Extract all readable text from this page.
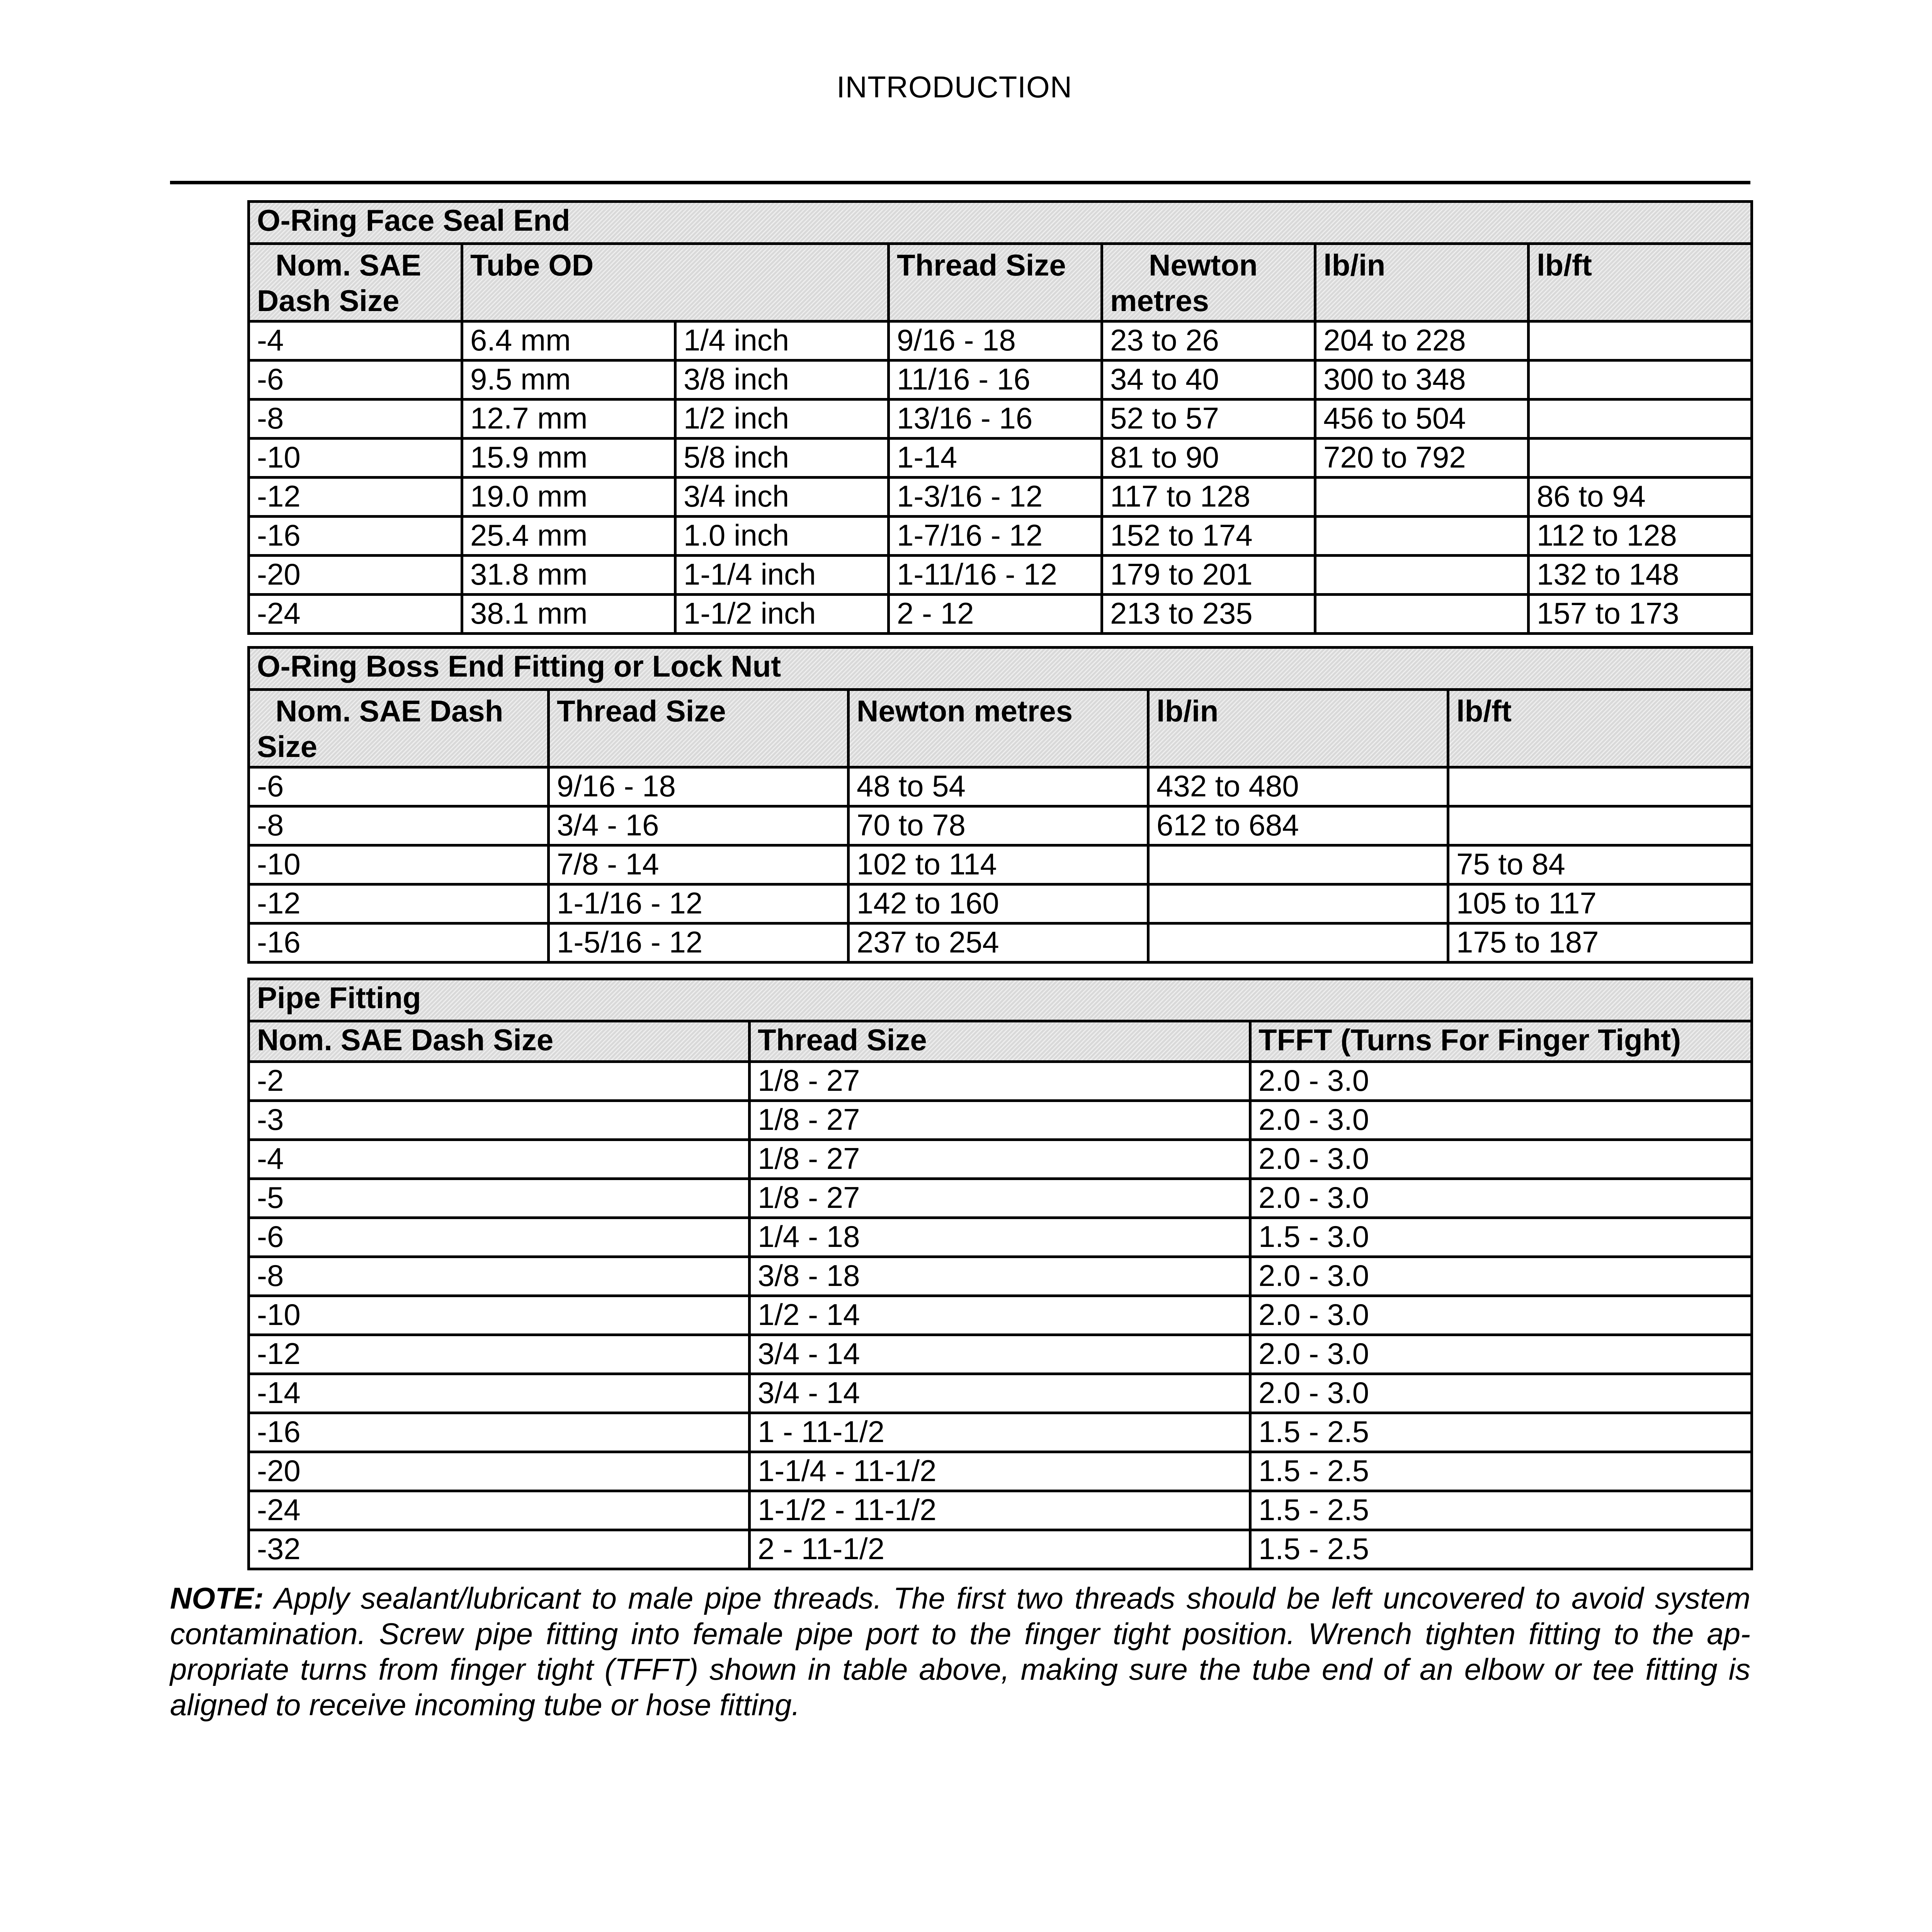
INTRODUCTION
O-Ring Face Seal End						
Nom. SAE
Dash Size	Tube OD		Thread Size	Newton
metres	lb/in	lb/ft
-4	6.4 mm	1/4 inch	9/16 - 18	23 to 26	204 to 228	
-6	9.5 mm	3/8 inch	11/16 - 16	34 to 40	300 to 348	
-8	12.7 mm	1/2 inch	13/16 - 16	52 to 57	456 to 504	
-10	15.9 mm	5/8 inch	1-14	81 to 90	720 to 792	
-12	19.0 mm	3/4 inch	1-3/16 - 12	117 to 128		86 to 94
-16	25.4 mm	1.0 inch	1-7/16 - 12	152 to 174		112 to 128
-20	31.8 mm	1-1/4 inch	1-11/16 - 12	179 to 201		132 to 148
-24	38.1 mm	1-1/2 inch	2 - 12	213 to 235		157 to 173
O-Ring Boss End Fitting or Lock Nut				
Nom. SAE Dash
Size	Thread Size	Newton metres	lb/in	lb/ft
-6	9/16 - 18	48 to 54	432 to 480	
-8	3/4 - 16	70 to 78	612 to 684	
-10	7/8 - 14	102 to 114		75 to 84
-12	1-1/16 - 12	142 to 160		105 to 117
-16	1-5/16 - 12	237 to 254		175 to 187
Pipe Fitting		
Nom. SAE Dash Size	Thread Size	TFFT (Turns For Finger Tight)
-2	1/8 - 27	2.0 - 3.0
-3	1/8 - 27	2.0 - 3.0
-4	1/8 - 27	2.0 - 3.0
-5	1/8 - 27	2.0 - 3.0
-6	1/4 - 18	1.5 - 3.0
-8	3/8 - 18	2.0 - 3.0
-10	1/2 - 14	2.0 - 3.0
-12	3/4 - 14	2.0 - 3.0
-14	3/4 - 14	2.0 - 3.0
-16	1 - 11-1/2	1.5 - 2.5
-20	1-1/4 - 11-1/2	1.5 - 2.5
-24	1-1/2 - 11-1/2	1.5 - 2.5
-32	2 - 11-1/2	1.5 - 2.5
NOTE: Apply sealant/lubricant to male pipe threads. The first two threads should be left uncovered to avoid system
contamination. Screw pipe fitting into female pipe port to the finger tight position. Wrench tighten fitting to the ap-
propriate turns from finger tight (TFFT) shown in table above, making sure the tube end of an elbow or tee fitting is
aligned to receive incoming tube or hose fitting.
